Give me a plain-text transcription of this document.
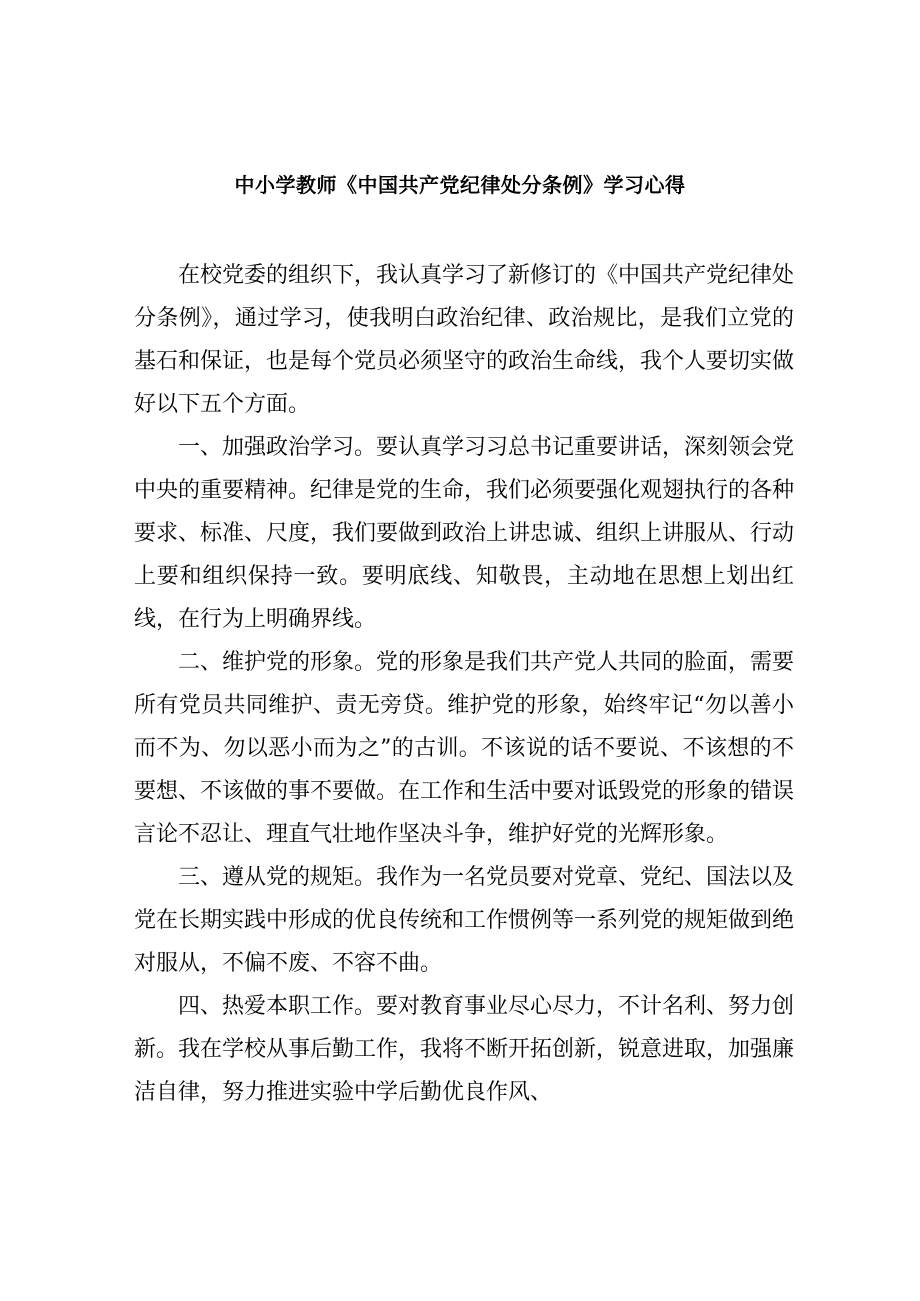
中小学教师《中国共产党纪律处分条例》学习心得

在校党委的组织下，我认真学习了新修订的《中国共产党纪律处分条例》，通过学习，使我明白政治纪律、政治规比，是我们立党的基石和保证，也是每个党员必须坚守的政治生命线，我个人要切实做好以下五个方面。

一、加强政治学习。要认真学习习总书记重要讲话，深刻领会党中央的重要精神。纪律是党的生命，我们必须要强化观翅执行的各种要求、标准、尺度，我们要做到政治上讲忠诚、组织上讲服从、行动上要和组织保持一致。要明底线、知敬畏，主动地在思想上划出红线，在行为上明确界线。

二、维护党的形象。党的形象是我们共产党人共同的脸面，需要所有党员共同维护、责无旁贷。维护党的形象，始终牢记“勿以善小而不为、勿以恶小而为之”的古训。不该说的话不要说、不该想的不要想、不该做的事不要做。在工作和生活中要对诋毁党的形象的错误言论不忍让、理直气壮地作坚决斗争，维护好党的光辉形象。

三、遵从党的规矩。我作为一名党员要对党章、党纪、国法以及党在长期实践中形成的优良传统和工作惯例等一系列党的规矩做到绝对服从，不偏不废、不容不曲。

四、热爱本职工作。要对教育事业尽心尽力，不计名利、努力创新。我在学校从事后勤工作，我将不断开拓创新，锐意进取，加强廉洁自律，努力推进实验中学后勤优良作风、
